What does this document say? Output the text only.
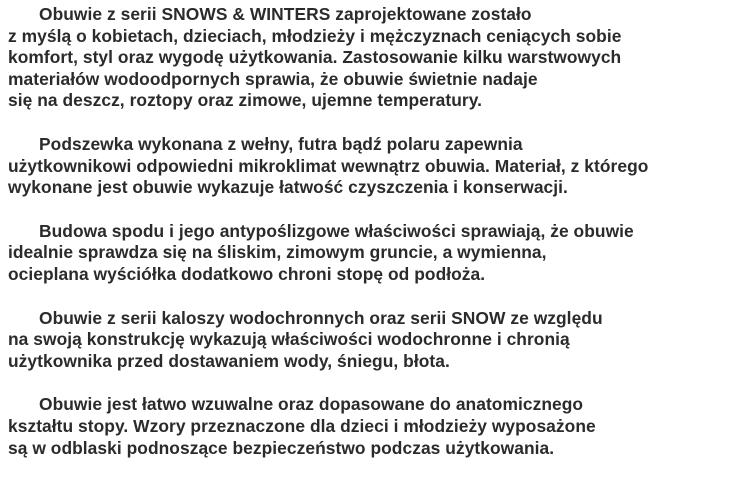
Obuwie z serii SNOWS & WINTERS zaprojektowane zostało
z myślą o kobietach, dzieciach, młodzieży i mężczyznach ceniących sobie
komfort, styl oraz wygodę użytkowania. Zastosowanie kilku warstwowych
materiałów wodoodpornych sprawia, że obuwie świetnie nadaje
się na deszcz, roztopy oraz zimowe, ujemne temperatury.

Podszewka wykonana z wełny, futra bądź polaru zapewnia
użytkownikowi odpowiedni mikroklimat wewnątrz obuwia. Materiał, z którego
wykonane jest obuwie wykazuje łatwość czyszczenia i konserwacji.

Budowa spodu i jego antypoślizgowe właściwości sprawiają, że obuwie
idealnie sprawdza się na śliskim, zimowym gruncie, a wymienna,
ocieplana wyściółka dodatkowo chroni stopę od podłoża.

Obuwie z serii kaloszy wodochronnych oraz serii SNOW ze względu
na swoją konstrukcję wykazują właściwości wodochronne i chronią
użytkownika przed dostawaniem wody, śniegu, błota.

Obuwie jest łatwo wzuwalne oraz dopasowane do anatomicznego
kształtu stopy. Wzory przeznaczone dla dzieci i młodzieży wyposażone
są w odblaski podnoszące bezpieczeństwo podczas użytkowania.
